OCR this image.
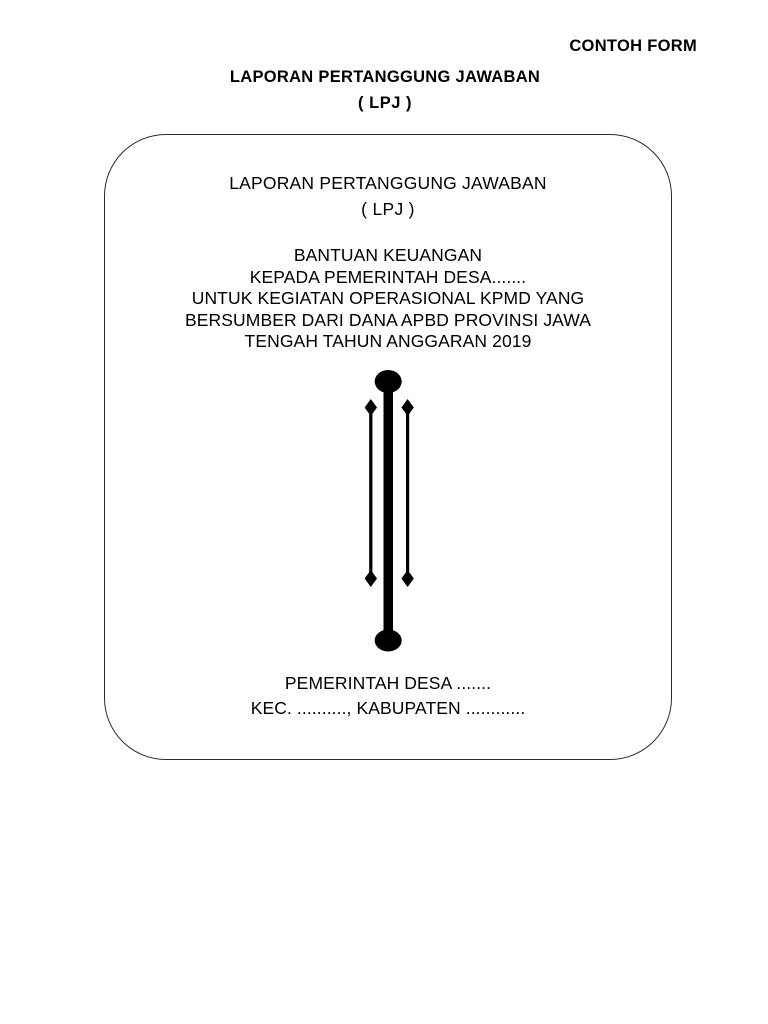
CONTOH FORM
LAPORAN PERTANGGUNG JAWABAN
( LPJ )
LAPORAN PERTANGGUNG JAWABAN
( LPJ )
BANTUAN KEUANGAN
KEPADA PEMERINTAH DESA.......
UNTUK KEGIATAN OPERASIONAL KPMD YANG
BERSUMBER DARI DANA APBD PROVINSI JAWA
TENGAH TAHUN ANGGARAN 2019
PEMERINTAH DESA .......
KEC. .........., KABUPATEN ............
